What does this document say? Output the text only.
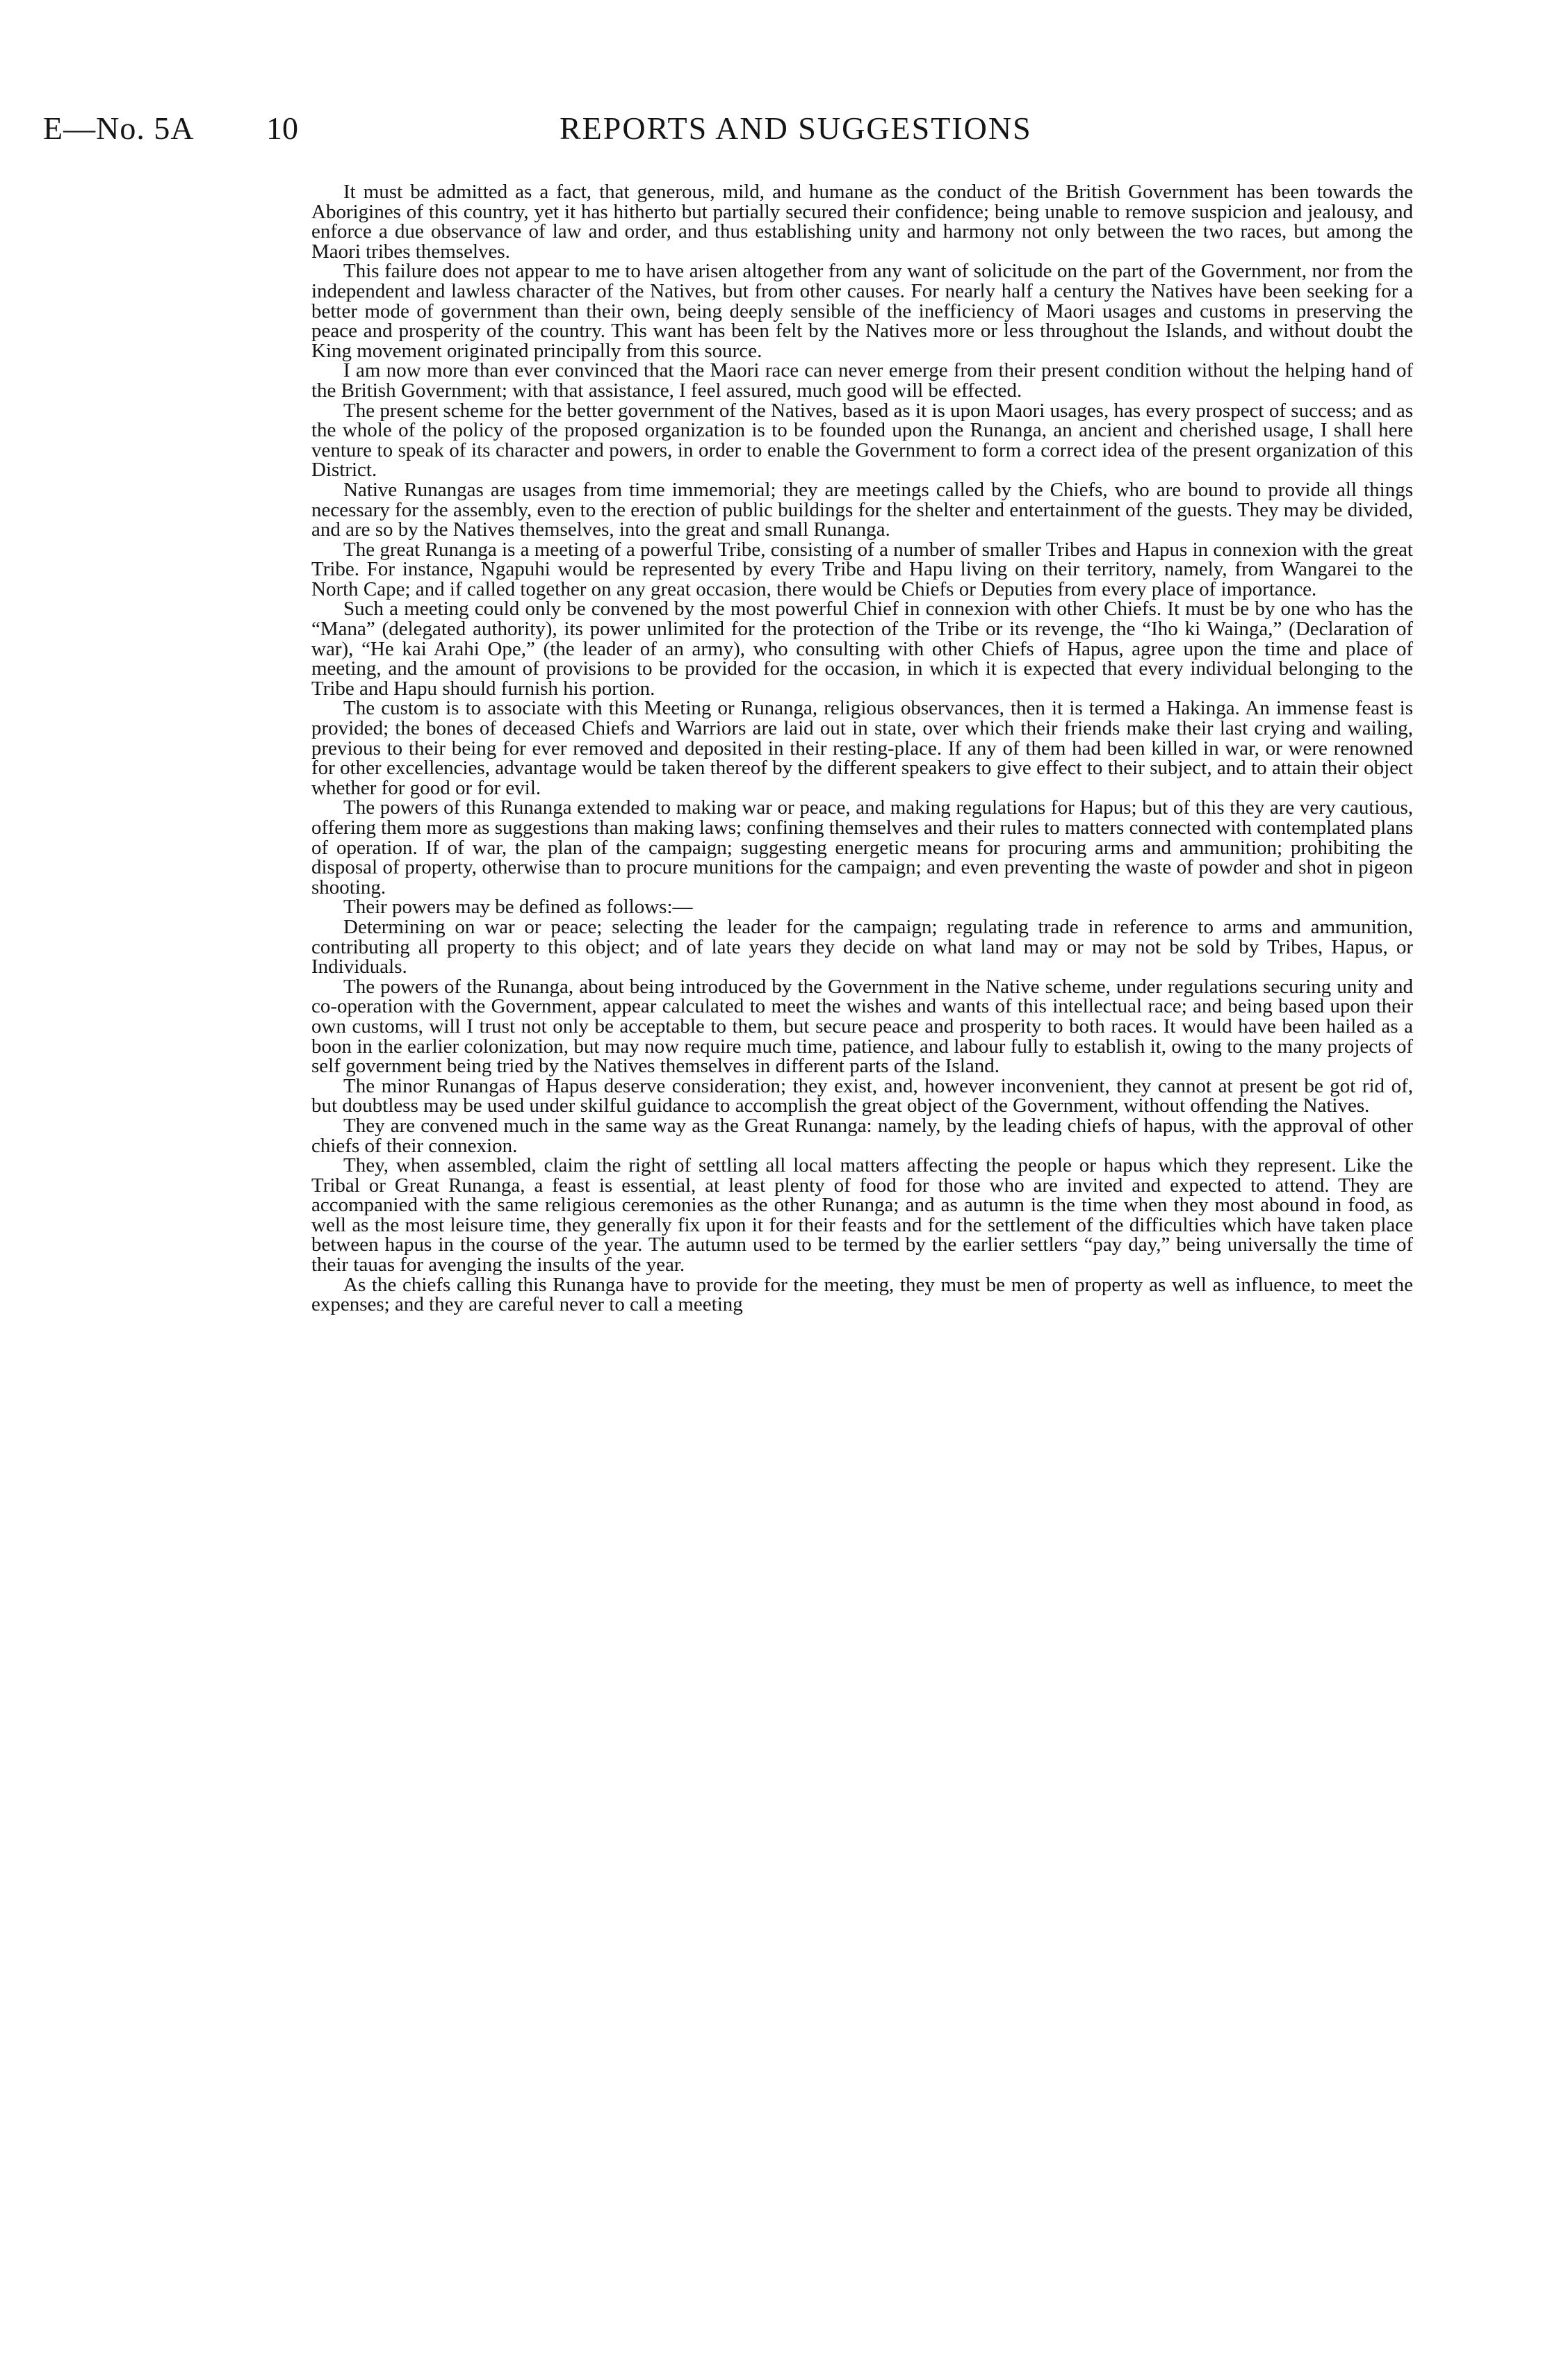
E—No. 5A 10	REPORTS AND SUGGESTIONS

It must be admitted as a fact, that generous, mild, and humane as the conduct of the British Government has been towards the Aborigines of this country, yet it has hitherto but partially secured their confidence; being unable to remove suspicion and jealousy, and enforce a due observance of law and order, and thus establishing unity and harmony not only between the two races, but among the Maori tribes themselves.

This failure does not appear to me to have arisen altogether from any want of solicitude on the part of the Government, nor from the independent and lawless character of the Natives, but from other causes. For nearly half a century the Natives have been seeking for a better mode of government than their own, being deeply sensible of the inefficiency of Maori usages and customs in preserving the peace and prosperity of the country. This want has been felt by the Natives more or less throughout the Islands, and without doubt the King movement originated principally from this source.

I am now more than ever convinced that the Maori race can never emerge from their present condition without the helping hand of the British Government; with that assistance, I feel assured, much good will be effected.

The present scheme for the better government of the Natives, based as it is upon Maori usages, has every prospect of success; and as the whole of the policy of the proposed organization is to be founded upon the Runanga, an ancient and cherished usage, I shall here venture to speak of its character and powers, in order to enable the Government to form a correct idea of the present organization of this District.

Native Runangas are usages from time immemorial; they are meetings called by the Chiefs, who are bound to provide all things necessary for the assembly, even to the erection of public buildings for the shelter and entertainment of the guests. They may be divided, and are so by the Natives themselves, into the great and small Runanga.

The great Runanga is a meeting of a powerful Tribe, consisting of a number of smaller Tribes and Hapus in connexion with the great Tribe. For instance, Ngapuhi would be represented by every Tribe and Hapu living on their territory, namely, from Wangarei to the North Cape; and if called together on any great occasion, there would be Chiefs or Deputies from every place of importance.

Such a meeting could only be convened by the most powerful Chief in connexion with other Chiefs. It must be by one who has the “Mana” (delegated authority), its power unlimited for the protection of the Tribe or its revenge, the “Iho ki Wainga,” (Declaration of war), “He kai Arahi Ope,” (the leader of an army), who consulting with other Chiefs of Hapus, agree upon the time and place of meeting, and the amount of provisions to be provided for the occasion, in which it is expected that every individual belonging to the Tribe and Hapu should furnish his portion.

The custom is to associate with this Meeting or Runanga, religious observances, then it is termed a Hakinga. An immense feast is provided; the bones of deceased Chiefs and Warriors are laid out in state, over which their friends make their last crying and wailing, previous to their being for ever removed and deposited in their resting-place. If any of them had been killed in war, or were renowned for other excellencies, advantage would be taken thereof by the different speakers to give effect to their subject, and to attain their object whether for good or for evil.

The powers of this Runanga extended to making war or peace, and making regulations for Hapus; but of this they are very cautious, offering them more as suggestions than making laws; confining themselves and their rules to matters connected with contemplated plans of operation. If of war, the plan of the campaign; suggesting energetic means for procuring arms and ammunition; prohibiting the disposal of property, otherwise than to procure munitions for the campaign; and even preventing the waste of powder and shot in pigeon shooting.

Their powers may be defined as follows:—

Determining on war or peace; selecting the leader for the campaign; regulating trade in reference to arms and ammunition, contributing all property to this object; and of late years they decide on what land may or may not be sold by Tribes, Hapus, or Individuals.

The powers of the Runanga, about being introduced by the Government in the Native scheme, under regulations securing unity and co-operation with the Government, appear calculated to meet the wishes and wants of this intellectual race; and being based upon their own customs, will I trust not only be acceptable to them, but secure peace and prosperity to both races. It would have been hailed as a boon in the earlier colonization, but may now require much time, patience, and labour fully to establish it, owing to the many projects of self government being tried by the Natives themselves in different parts of the Island.

The minor Runangas of Hapus deserve consideration; they exist, and, however inconvenient, they cannot at present be got rid of, but doubtless may be used under skilful guidance to accomplish the great object of the Government, without offending the Natives.

They are convened much in the same way as the Great Runanga: namely, by the leading chiefs of hapus, with the approval of other chiefs of their connexion.

They, when assembled, claim the right of settling all local matters affecting the people or hapus which they represent. Like the Tribal or Great Runanga, a feast is essential, at least plenty of food for those who are invited and expected to attend. They are accompanied with the same religious ceremonies as the other Runanga; and as autumn is the time when they most abound in food, as well as the most leisure time, they generally fix upon it for their feasts and for the settlement of the difficulties which have taken place between hapus in the course of the year. The autumn used to be termed by the earlier settlers “pay day,” being universally the time of their tauas for avenging the insults of the year.

As the chiefs calling this Runanga have to provide for the meeting, they must be men of property as well as influence, to meet the expenses; and they are careful never to call a meeting
